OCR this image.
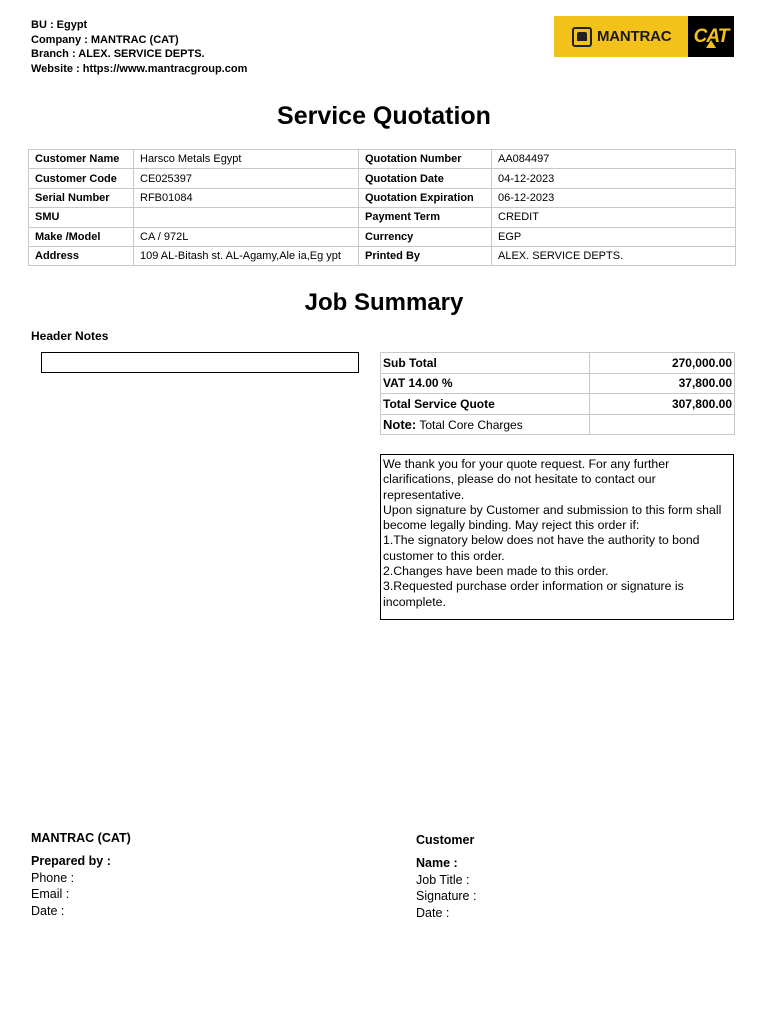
BU : Egypt
Company : MANTRAC (CAT)
Branch : ALEX. SERVICE DEPTS.
Website : https://www.mantracgroup.com
MANTRAC CAT
Service Quotation
Customer Name	Harsco Metals Egypt	Quotation Number	AA084497
Customer Code	CE025397	Quotation Date	04-12-2023
Serial Number	RFB01084	Quotation Expiration	06-12-2023
SMU		Payment Term	CREDIT
Make /Model	CA / 972L	Currency	EGP
Address	109 AL-Bitash st. AL-Agamy,Ale ia,Eg ypt	Printed By	ALEX. SERVICE DEPTS.
Job Summary
Header Notes
Sub Total	270,000.00
VAT 14.00 %	37,800.00
Total Service Quote	307,800.00
Note: Total Core Charges	
We thank you for your quote request. For any further clarifications, please do not hesitate to contact our representative.
Upon signature by Customer and submission to this form shall become legally binding. May reject this order if:
1.The signatory below does not have the authority to bond customer to this order.
2.Changes have been made to this order.
3.Requested purchase order information or signature is incomplete.
MANTRAC (CAT)
Prepared by :
Phone :
Email :
Date :
Customer
Name :
Job Title :
Signature :
Date :
